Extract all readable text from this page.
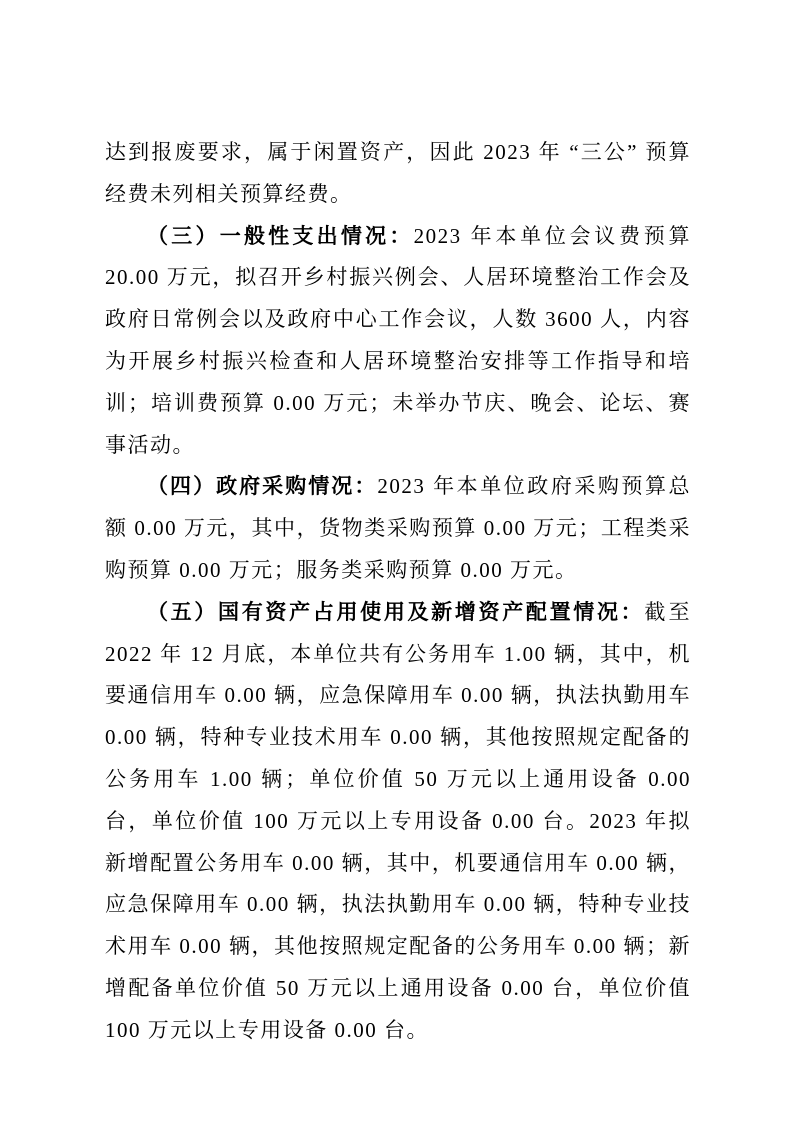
达到报废要求，属于闲置资产，因此 2023 年 “三公” 预算经费未列相关预算经费。

（三）一般性支出情况：2023 年本单位会议费预算 20.00 万元，拟召开乡村振兴例会、人居环境整治工作会及政府日常例会以及政府中心工作会议，人数 3600 人，内容为开展乡村振兴检查和人居环境整治安排等工作指导和培训；培训费预算 0.00 万元；未举办节庆、晚会、论坛、赛事活动。

（四）政府采购情况：2023 年本单位政府采购预算总额 0.00 万元，其中，货物类采购预算 0.00 万元；工程类采购预算 0.00 万元；服务类采购预算 0.00 万元。

（五）国有资产占用使用及新增资产配置情况：截至 2022 年 12 月底，本单位共有公务用车 1.00 辆，其中，机要通信用车 0.00 辆，应急保障用车 0.00 辆，执法执勤用车 0.00 辆，特种专业技术用车 0.00 辆，其他按照规定配备的公务用车 1.00 辆；单位价值 50 万元以上通用设备 0.00 台，单位价值 100 万元以上专用设备 0.00 台。2023 年拟新增配置公务用车 0.00 辆，其中，机要通信用车 0.00 辆，应急保障用车 0.00 辆，执法执勤用车 0.00 辆，特种专业技术用车 0.00 辆，其他按照规定配备的公务用车 0.00 辆；新增配备单位价值 50 万元以上通用设备 0.00 台，单位价值 100 万元以上专用设备 0.00 台。
